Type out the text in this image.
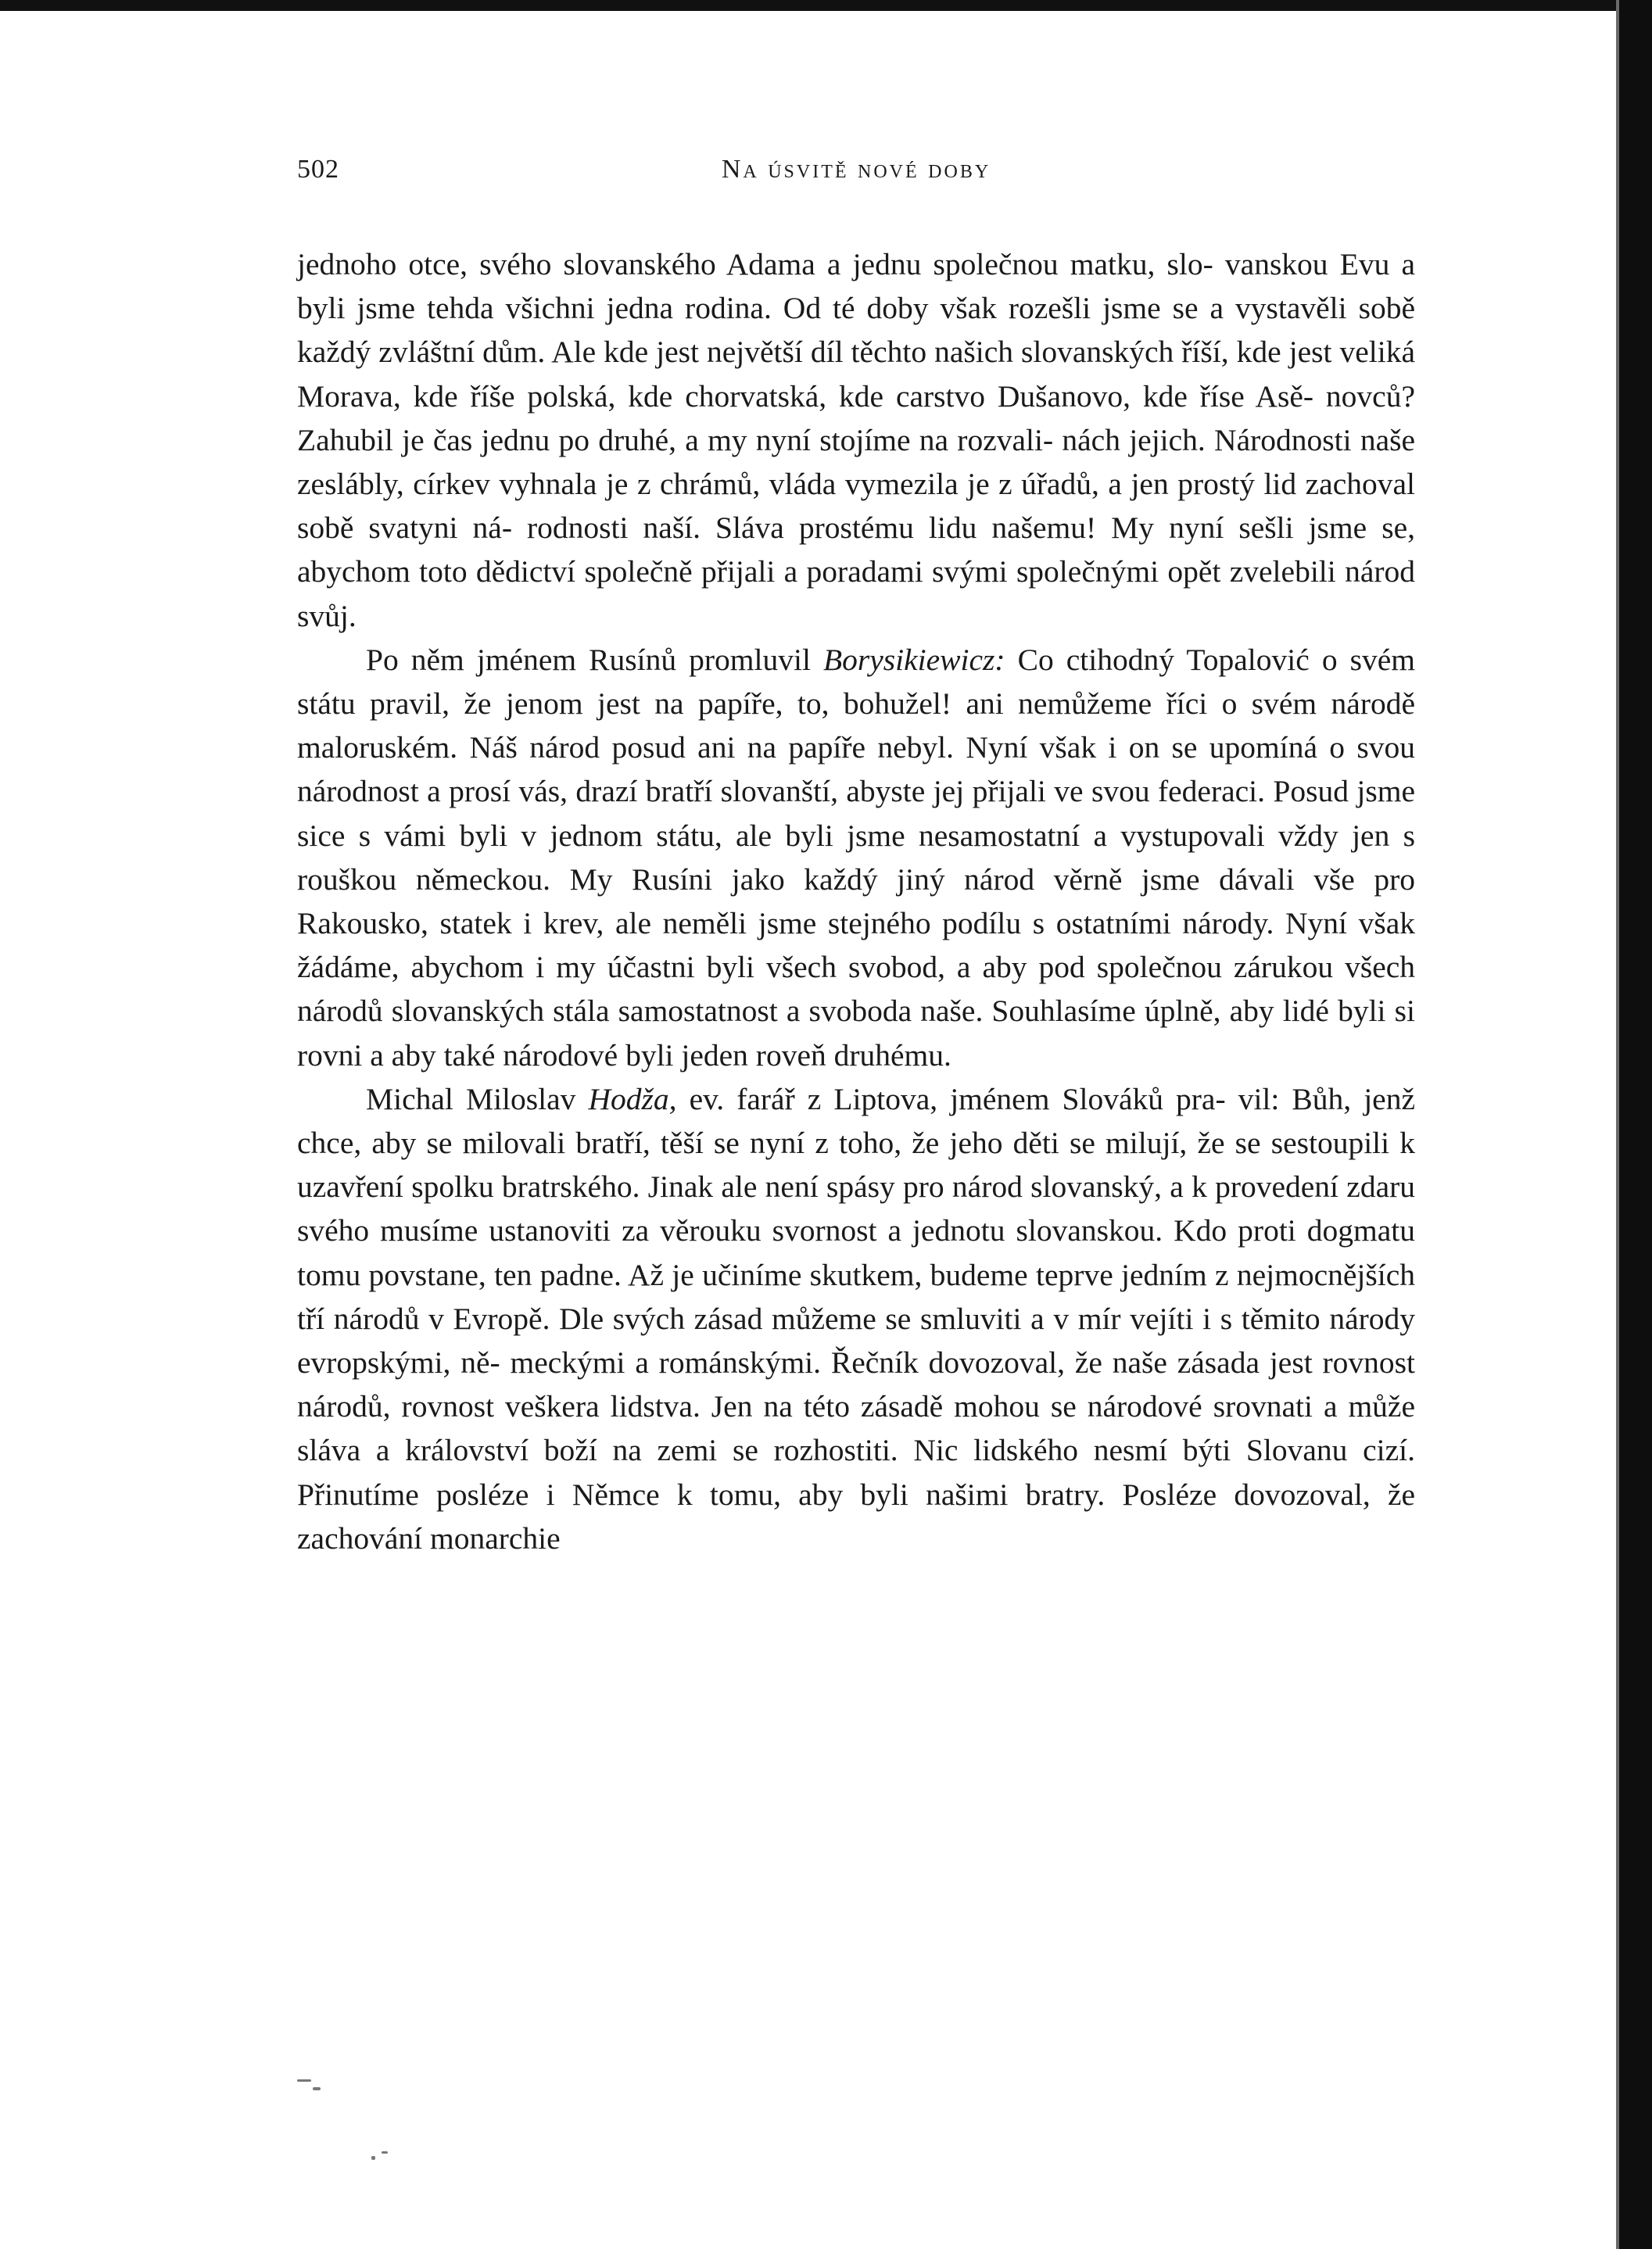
502	Na úsvitě nové doby

jednoho otce, svého slovanského Adama a jednu společnou matku, slo- vanskou Evu a byli jsme tehda všichni jedna rodina. Od té doby však rozešli jsme se a vystavěli sobě každý zvláštní dům. Ale kde jest největší díl těchto našich slovanských říší, kde jest veliká Morava, kde říše polská, kde chorvatská, kde carstvo Dušanovo, kde říse Asě- novců? Zahubil je čas jednu po druhé, a my nyní stojíme na rozvali- nách jejich. Národnosti naše zeslábly, církev vyhnala je z chrámů, vláda vymezila je z úřadů, a jen prostý lid zachoval sobě svatyni ná- rodnosti naší. Sláva prostému lidu našemu! My nyní sešli jsme se, abychom toto dědictví společně přijali a poradami svými společnými opět zvelebili národ svůj.

Po něm jménem Rusínů promluvil Borysikiewicz: Co ctihodný Topalović o svém státu pravil, že jenom jest na papíře, to, bohužel! ani nemůžeme říci o svém národě maloruském. Náš národ posud ani na papíře nebyl. Nyní však i on se upomíná o svou národnost a prosí vás, drazí bratří slovanští, abyste jej přijali ve svou federaci. Posud jsme sice s vámi byli v jednom státu, ale byli jsme nesamostatní a vystupovali vždy jen s rouškou německou. My Rusíni jako každý jiný národ věrně jsme dávali vše pro Rakousko, statek i krev, ale neměli jsme stejného podílu s ostatními národy. Nyní však žádáme, abychom i my účastni byli všech svobod, a aby pod společnou zárukou všech národů slovanských stála samostatnost a svoboda naše. Souhlasíme úplně, aby lidé byli si rovni a aby také národové byli jeden roveň druhému.

Michal Miloslav Hodža, ev. farář z Liptova, jménem Slováků pra- vil: Bůh, jenž chce, aby se milovali bratří, těší se nyní z toho, že jeho děti se milují, že se sestoupili k uzavření spolku bratrského. Jinak ale není spásy pro národ slovanský, a k provedení zdaru svého musíme ustanoviti za věrouku svornost a jednotu slovanskou. Kdo proti dogmatu tomu povstane, ten padne. Až je učiníme skutkem, budeme teprve jedním z nejmocnějších tří národů v Evropě. Dle svých zásad můžeme se smluviti a v mír vejíti i s těmito národy evropskými, ně- meckými a románskými. Řečník dovozoval, že naše zásada jest rovnost národů, rovnost veškera lidstva. Jen na této zásadě mohou se národové srovnati a může sláva a království boží na zemi se rozhostiti. Nic lidského nesmí býti Slovanu cizí. Přinutíme posléze i Němce k tomu, aby byli našimi bratry. Posléze dovozoval, že zachování monarchie
